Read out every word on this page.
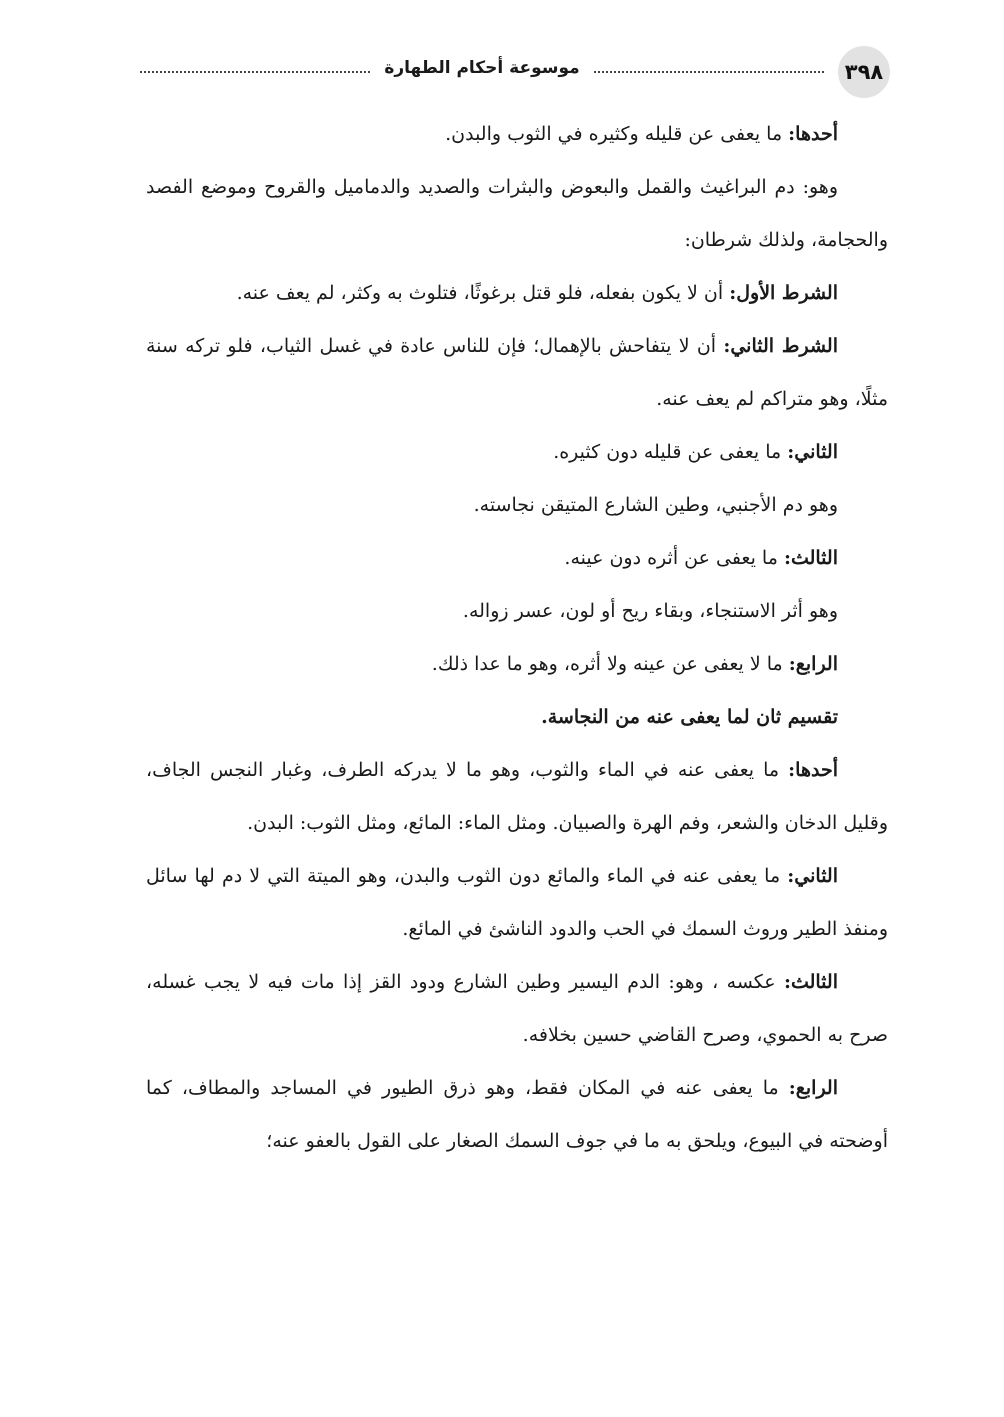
٣٩٨
موسوعة أحكام الطهارة

أحدها: ما يعفى عن قليله وكثيره في الثوب والبدن.

وهو: دم البراغيث والقمل والبعوض والبثرات والصديد والدماميل والقروح وموضع الفصد والحجامة، ولذلك شرطان:

الشرط الأول: أن لا يكون بفعله، فلو قتل برغوثًا، فتلوث به وكثر، لم يعف عنه.

الشرط الثاني: أن لا يتفاحش بالإهمال؛ فإن للناس عادة في غسل الثياب، فلو تركه سنة مثلًا، وهو متراكم لم يعف عنه.

الثاني: ما يعفى عن قليله دون كثيره.

وهو دم الأجنبي، وطين الشارع المتيقن نجاسته.

الثالث: ما يعفى عن أثره دون عينه.

وهو أثر الاستنجاء، وبقاء ريح أو لون، عسر زواله.

الرابع: ما لا يعفى عن عينه ولا أثره، وهو ما عدا ذلك.

تقسيم ثان لما يعفى عنه من النجاسة.

أحدها: ما يعفى عنه في الماء والثوب، وهو ما لا يدركه الطرف، وغبار النجس الجاف، وقليل الدخان والشعر، وفم الهرة والصبيان. ومثل الماء: المائع، ومثل الثوب: البدن.

الثاني: ما يعفى عنه في الماء والمائع دون الثوب والبدن، وهو الميتة التي لا دم لها سائل ومنفذ الطير وروث السمك في الحب والدود الناشئ في المائع.

الثالث: عكسه ، وهو: الدم اليسير وطين الشارع ودود القز إذا مات فيه لا يجب غسله، صرح به الحموي، وصرح القاضي حسين بخلافه.

الرابع: ما يعفى عنه في المكان فقط، وهو ذرق الطيور في المساجد والمطاف، كما أوضحته في البيوع، ويلحق به ما في جوف السمك الصغار على القول بالعفو عنه؛
